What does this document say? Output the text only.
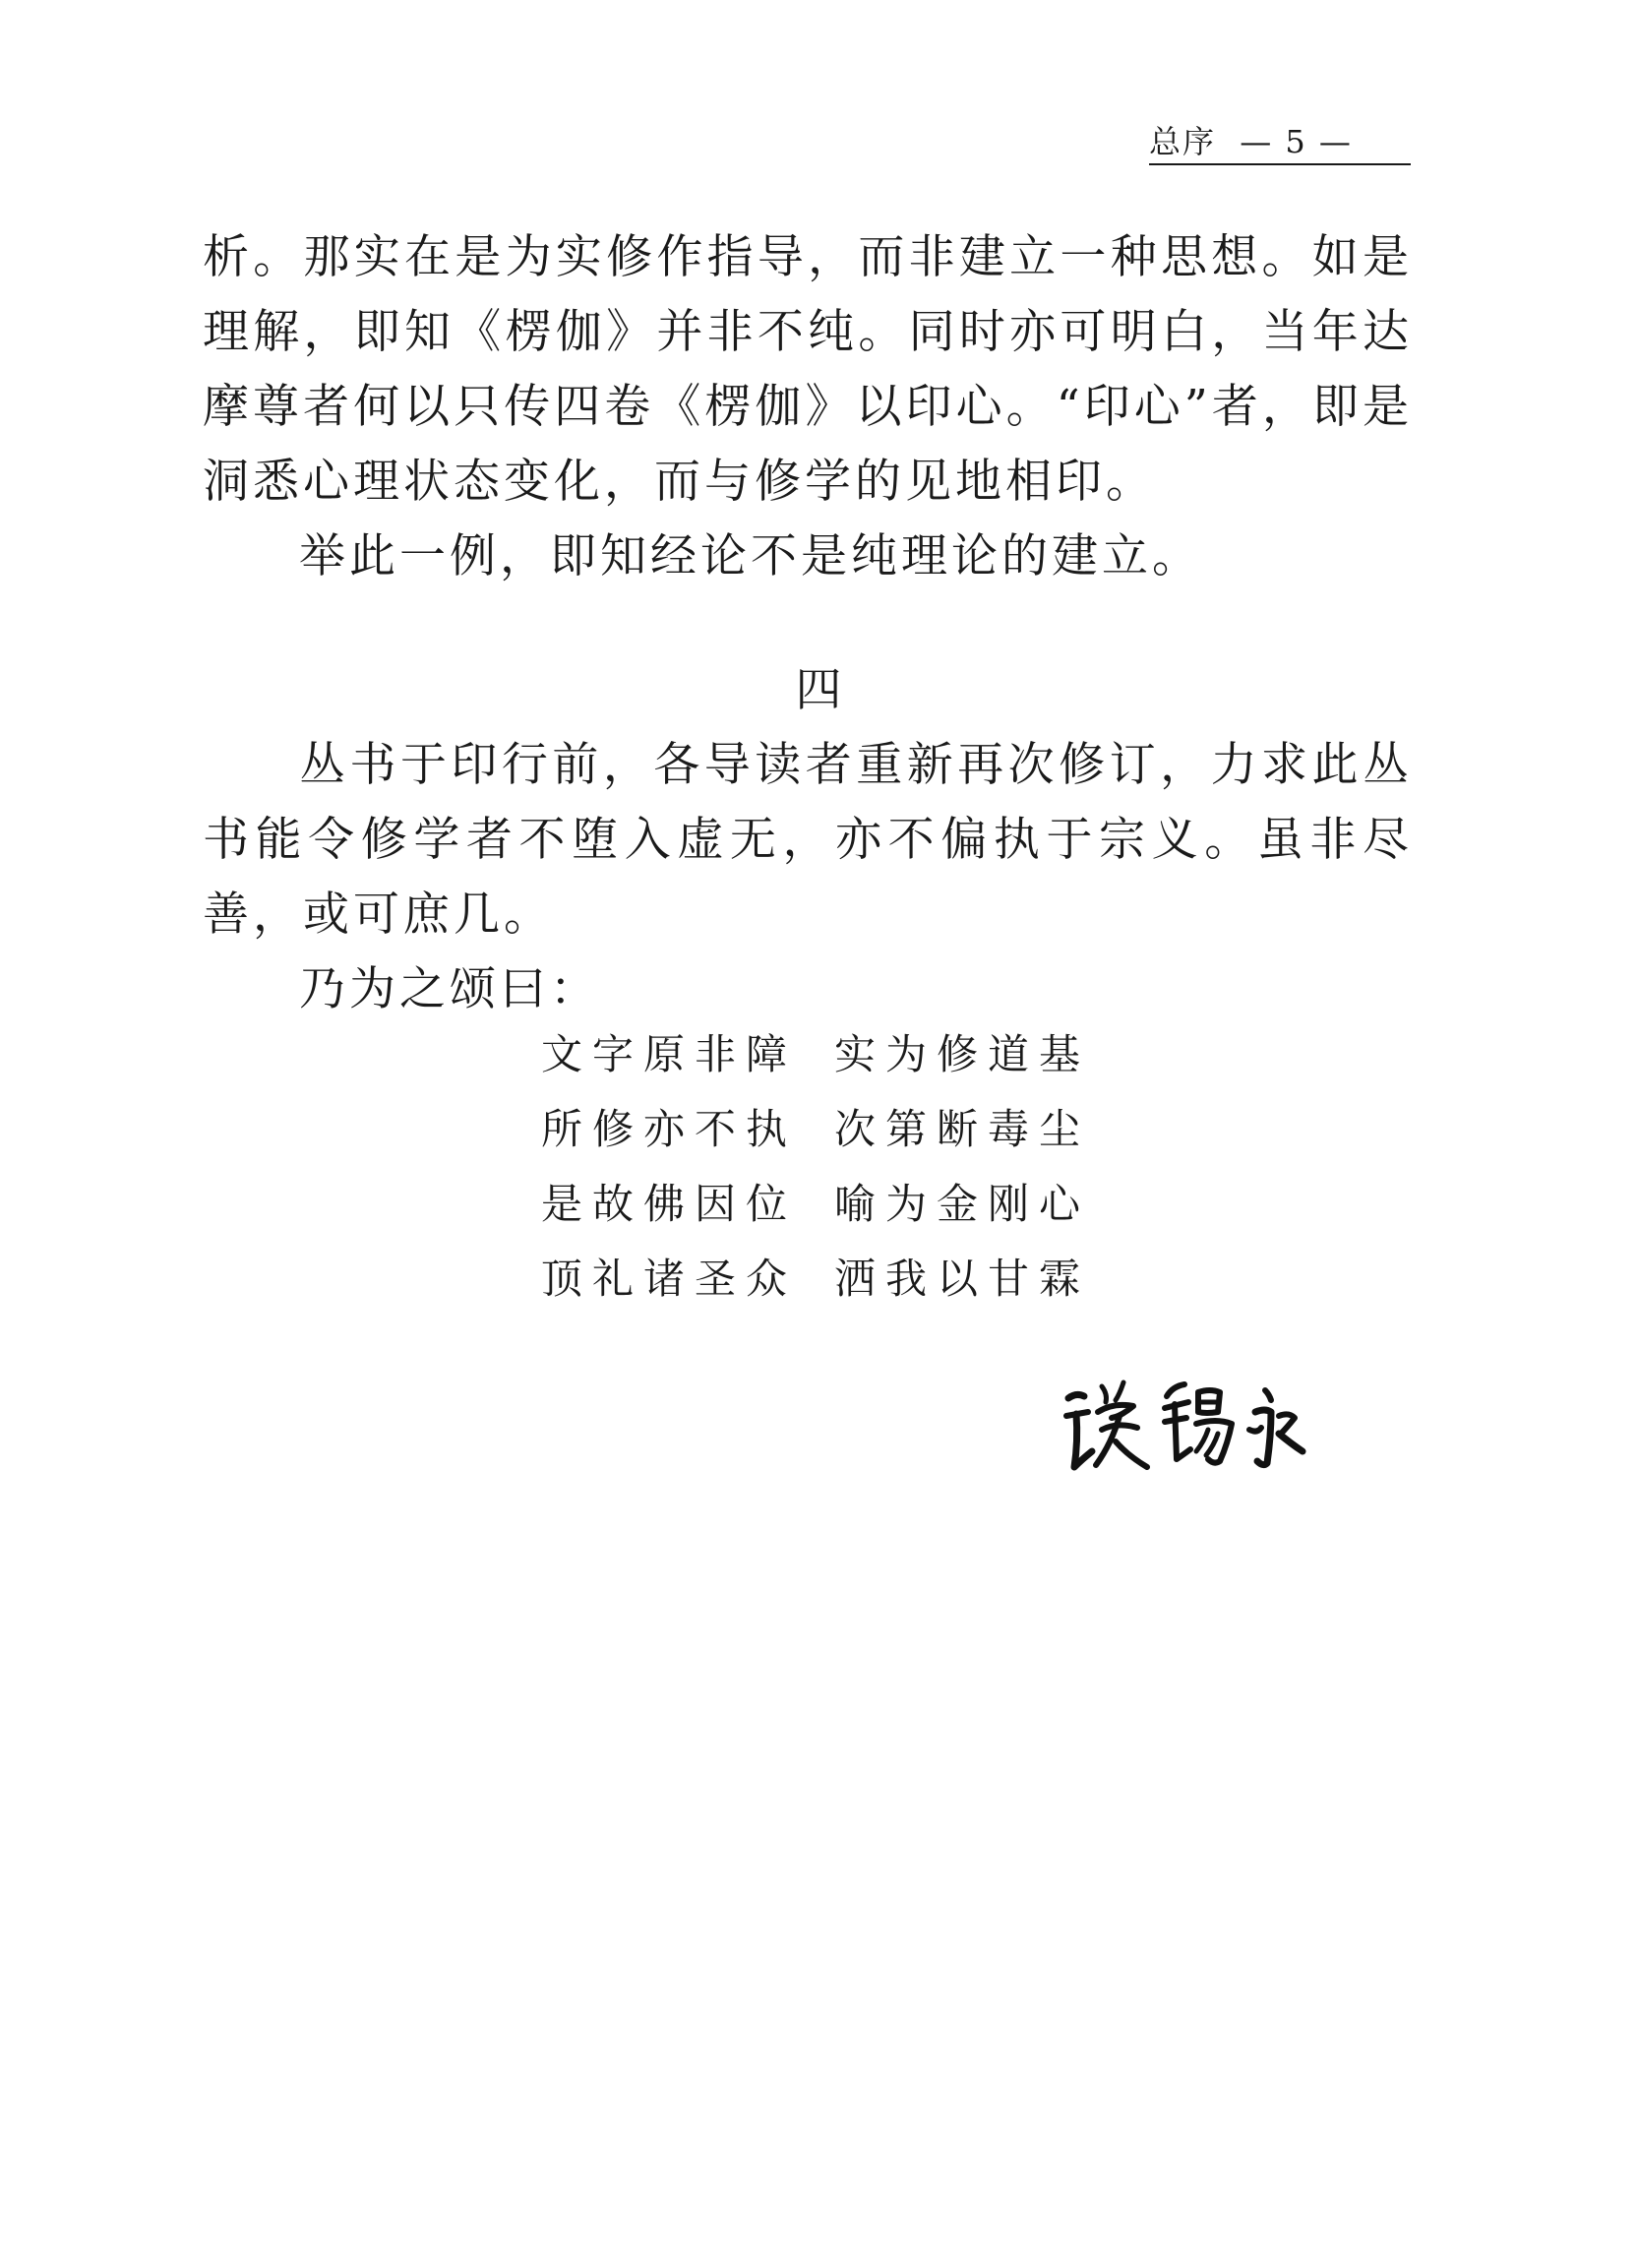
总序 — 5 —

析。那实在是为实修作指导，而非建立一种思想。如是理解，即知《楞伽》并非不纯。同时亦可明白，当年达摩尊者何以只传四卷《楞伽》以印心。“印心”者，即是洞悉心理状态变化，而与修学的见地相印。

举此一例，即知经论不是纯理论的建立。

四

丛书于印行前，各导读者重新再次修订，力求此丛书能令修学者不堕入虚无，亦不偏执于宗义。虽非尽善，或可庶几。

乃为之颂曰：

文字原非障 实为修道基
所修亦不执 次第断毒尘
是故佛因位 喻为金刚心
顶礼诸圣众 洒我以甘霖
